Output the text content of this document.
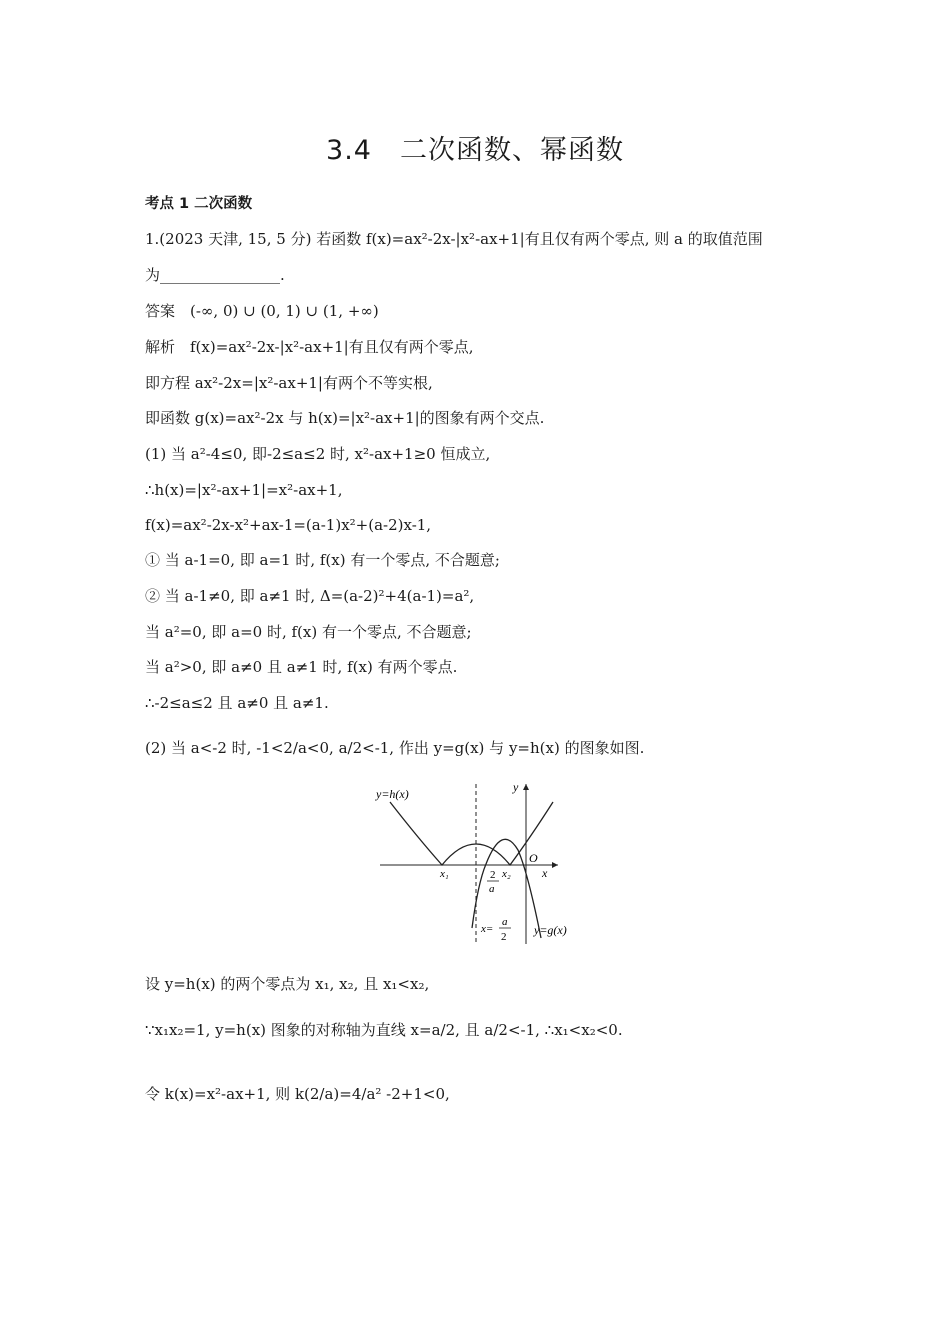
3.4　二次函数、幂函数
考点 1 二次函数
1.(2023 天津, 15, 5 分) 若函数 f(x)=ax²-2x-|x²-ax+1|有且仅有两个零点, 则 a 的取值范围
为________________.
答案　(-∞, 0) ∪ (0, 1) ∪ (1, +∞)
解析　f(x)=ax²-2x-|x²-ax+1|有且仅有两个零点,
即方程 ax²-2x=|x²-ax+1|有两个不等实根,
即函数 g(x)=ax²-2x 与 h(x)=|x²-ax+1|的图象有两个交点.
(1) 当 a²-4≤0, 即-2≤a≤2 时, x²-ax+1≥0 恒成立,
∴h(x)=|x²-ax+1|=x²-ax+1,
f(x)=ax²-2x-x²+ax-1=(a-1)x²+(a-2)x-1,
① 当 a-1=0, 即 a=1 时, f(x) 有一个零点, 不合题意;
② 当 a-1≠0, 即 a≠1 时, Δ=(a-2)²+4(a-1)=a²,
当 a²=0, 即 a=0 时, f(x) 有一个零点, 不合题意;
当 a²>0, 即 a≠0 且 a≠1 时, f(x) 有两个零点.
∴-2≤a≤2 且 a≠0 且 a≠1.
(2) 当 a<-2 时, -1<2/a<0, a/2<-1, 作出 y=g(x) 与 y=h(x) 的图象如图.
y=h(x)	y
O
x
x₁	x₂
2
a
x=
a
2 y=g(x)
设 y=h(x) 的两个零点为 x₁, x₂, 且 x₁<x₂,
∵x₁x₂=1, y=h(x) 图象的对称轴为直线 x=a/2, 且 a/2<-1, ∴x₁<x₂<0.
令 k(x)=x²-ax+1, 则 k(2/a)=4/a² -2+1<0,
